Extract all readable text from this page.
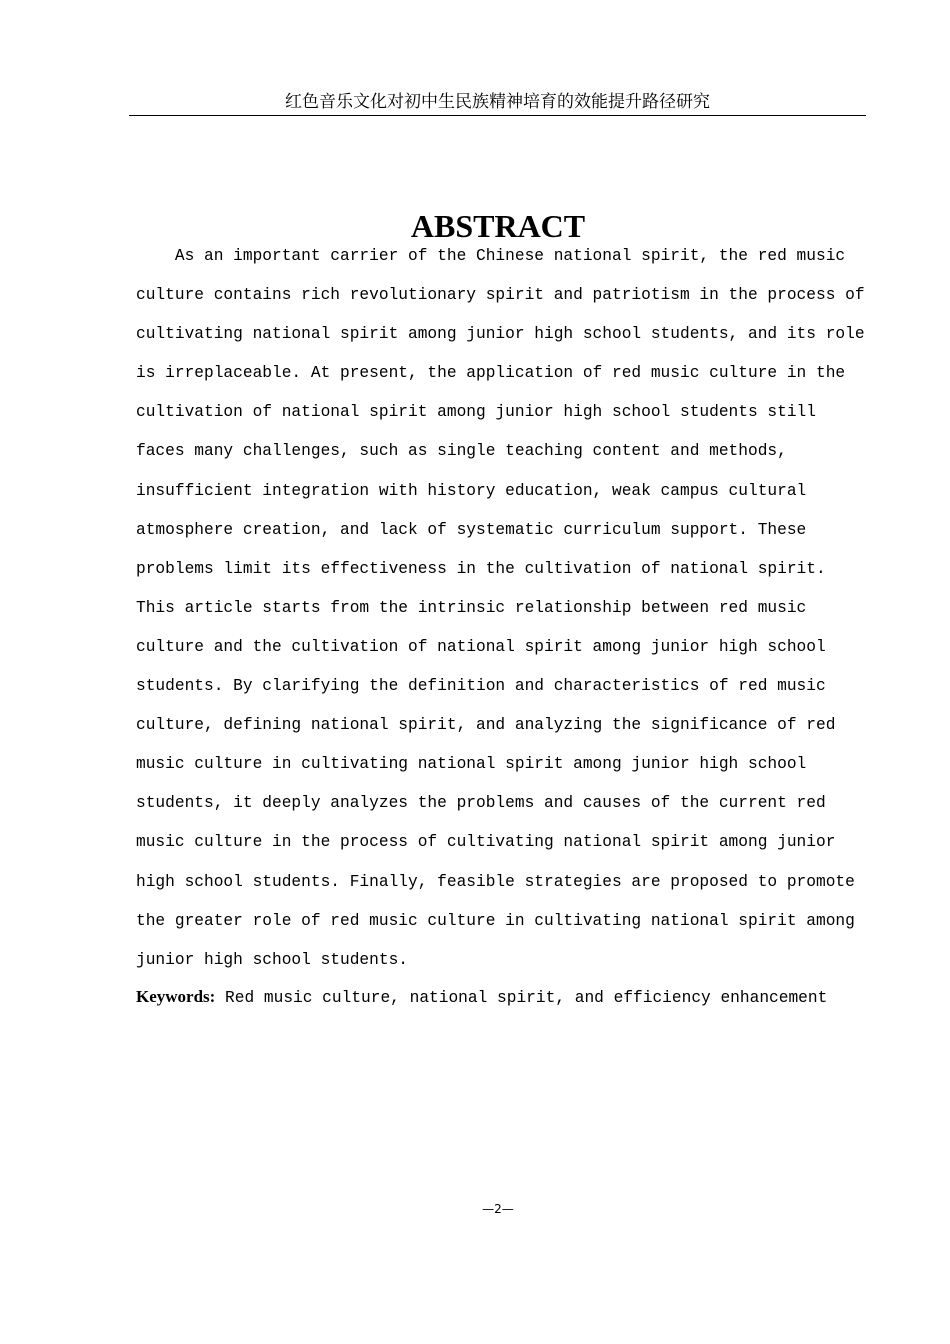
红色音乐文化对初中生民族精神培育的效能提升路径研究
ABSTRACT
As an important carrier of the Chinese national spirit, the red music
culture contains rich revolutionary spirit and patriotism in the process of
cultivating national spirit among junior high school students, and its role
is irreplaceable. At present, the application of red music culture in the
cultivation of national spirit among junior high school students still
faces many challenges, such as single teaching content and methods,
insufficient integration with history education, weak campus cultural
atmosphere creation, and lack of systematic curriculum support. These
problems limit its effectiveness in the cultivation of national spirit.
This article starts from the intrinsic relationship between red music
culture and the cultivation of national spirit among junior high school
students. By clarifying the definition and characteristics of red music
culture, defining national spirit, and analyzing the significance of red
music culture in cultivating national spirit among junior high school
students, it deeply analyzes the problems and causes of the current red
music culture in the process of cultivating national spirit among junior
high school students. Finally, feasible strategies are proposed to promote
the greater role of red music culture in cultivating national spirit among
junior high school students.
Keywords: Red music culture, national spirit, and efficiency enhancement
—2—
